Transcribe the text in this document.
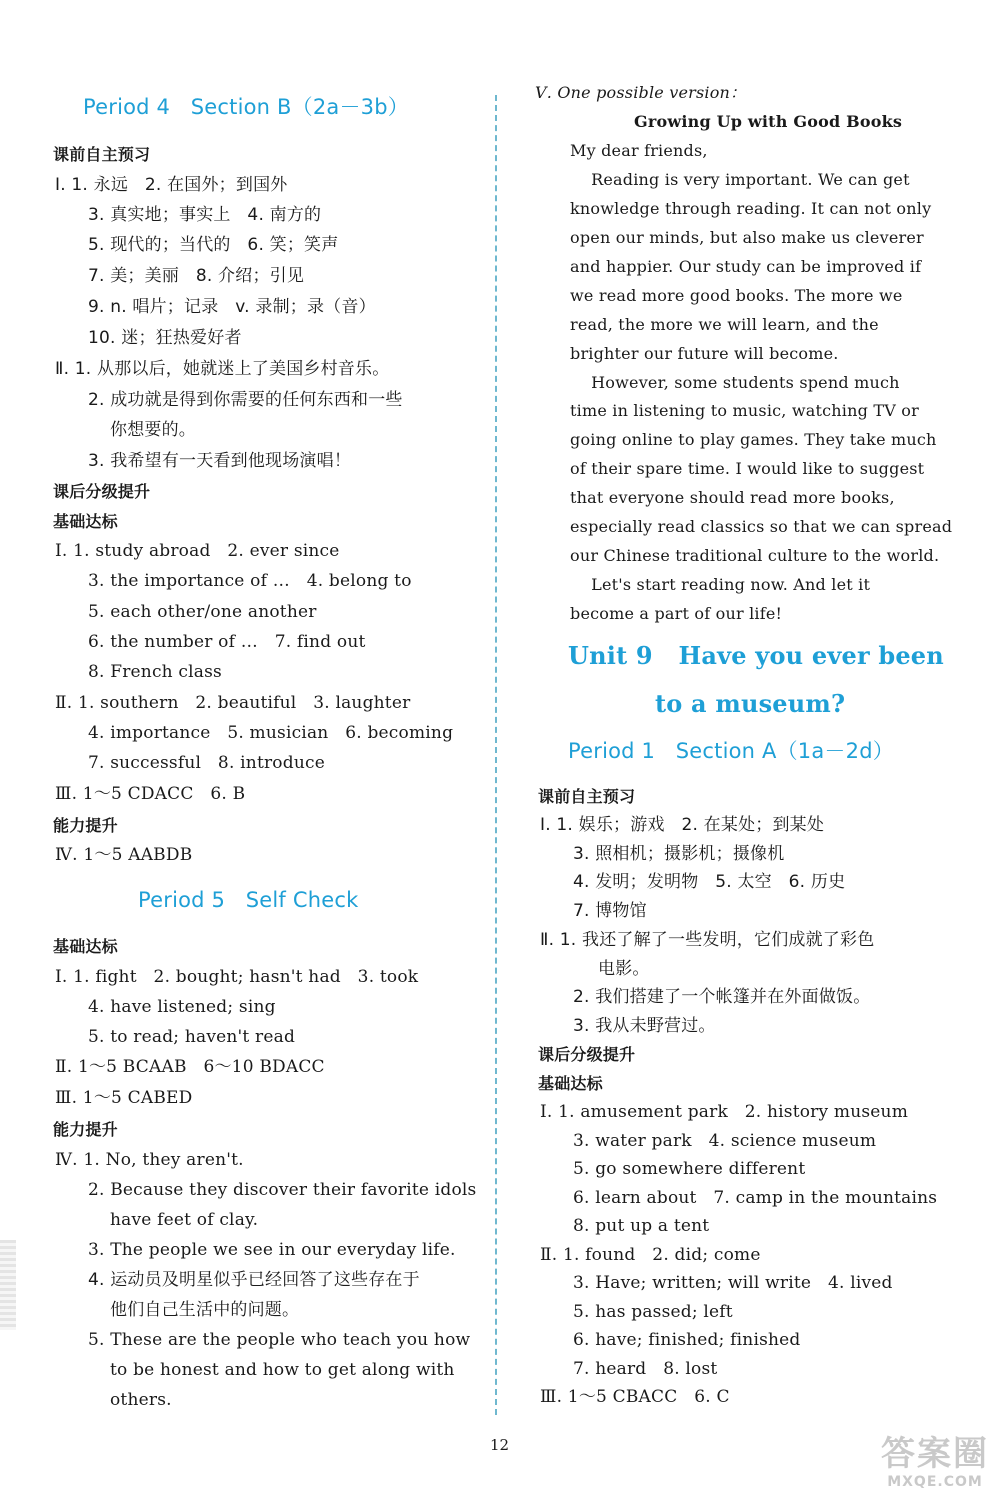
Period 4   Section B（2a－3b）
课前自主预习
Ⅰ. 1. 永远   2. 在国外；到国外
3. 真实地；事实上   4. 南方的
5. 现代的；当代的   6. 笑；笑声
7. 美；美丽   8. 介绍；引见
9. n. 唱片；记录   v. 录制；录（音）
10. 迷；狂热爱好者
Ⅱ. 1. 从那以后，她就迷上了美国乡村音乐。
2. 成功就是得到你需要的任何东西和一些
你想要的。
3. 我希望有一天看到他现场演唱！
课后分级提升
基础达标
Ⅰ. 1. study abroad   2. ever since
3. the importance of …   4. belong to
5. each other/one another
6. the number of …   7. find out
8. French class
Ⅱ. 1. southern   2. beautiful   3. laughter
4. importance   5. musician   6. becoming
7. successful   8. introduce
Ⅲ. 1～5 CDACC   6. B
能力提升
Ⅳ. 1～5 AABDB
Period 5   Self Check
基础达标
Ⅰ. 1. fight   2. bought; hasn't had   3. took
4. have listened; sing
5. to read; haven't read
Ⅱ. 1～5 BCAAB   6～10 BDACC
Ⅲ. 1～5 CABED
能力提升
Ⅳ. 1. No, they aren't.
2. Because they discover their favorite idols
have feet of clay.
3. The people we see in our everyday life.
4. 运动员及明星似乎已经回答了这些存在于
他们自己生活中的问题。
5. These are the people who teach you how
to be honest and how to get along with
others.
Ⅴ. One possible version：
Growing Up with Good Books
My dear friends,
Reading is very important. We can get
knowledge through reading. It can not only
open our minds, but also make us cleverer
and happier. Our study can be improved if
we read more good books. The more we
read, the more we will learn, and the
brighter our future will become.
However, some students spend much
time in listening to music, watching TV or
going online to play games. They take much
of their spare time. I would like to suggest
that everyone should read more books,
especially read classics so that we can spread
our Chinese traditional culture to the world.
Let's start reading now. And let it
become a part of our life!
Unit 9   Have you ever been
to a museum?
Period 1   Section A（1a－2d）
课前自主预习
Ⅰ. 1. 娱乐；游戏   2. 在某处；到某处
3. 照相机；摄影机；摄像机
4. 发明；发明物   5. 太空   6. 历史
7. 博物馆
Ⅱ. 1. 我还了解了一些发明，它们成就了彩色
电影。
2. 我们搭建了一个帐篷并在外面做饭。
3. 我从未野营过。
课后分级提升
基础达标
Ⅰ. 1. amusement park   2. history museum
3. water park   4. science museum
5. go somewhere different
6. learn about   7. camp in the mountains
8. put up a tent
Ⅱ. 1. found   2. did; come
3. Have; written; will write   4. lived
5. has passed; left
6. have; finished; finished
7. heard   8. lost
Ⅲ. 1～5 CBACC   6. C
12	答案圈
MXQE.COM
